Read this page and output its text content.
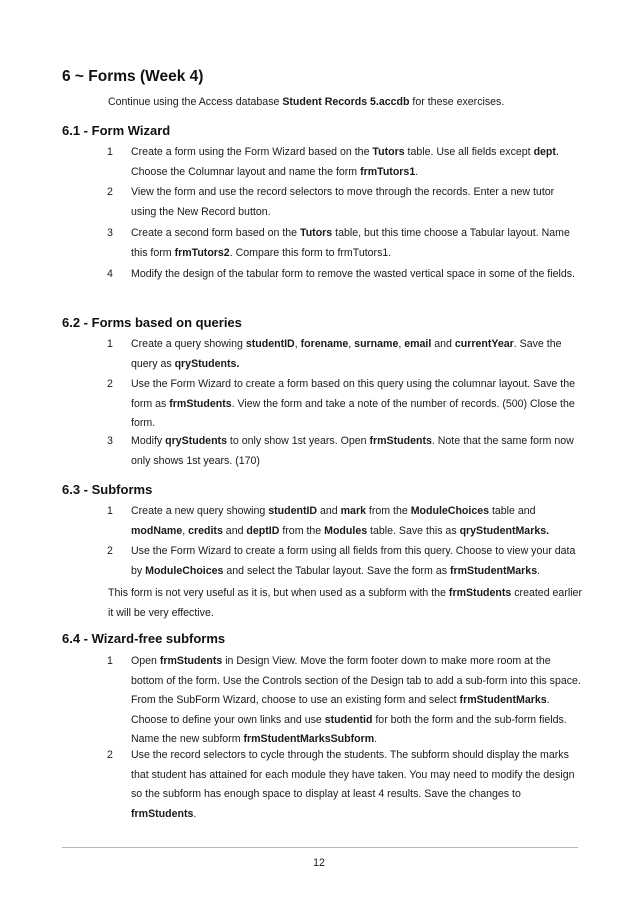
6 ~ Forms (Week 4)

Continue using the Access database Student Records 5.accdb for these exercises.

6.1 - Form Wizard
1	Create a form using the Form Wizard based on the Tutors table. Use all fields except dept. Choose the Columnar layout and name the form frmTutors1.
2	View the form and use the record selectors to move through the records. Enter a new tutor using the New Record button.
3	Create a second form based on the Tutors table, but this time choose a Tabular layout. Name this form frmTutors2. Compare this form to frmTutors1.
4	Modify the design of the tabular form to remove the wasted vertical space in some of the fields.
6.2 - Forms based on queries
1	Create a query showing studentID, forename, surname, email and currentYear. Save the query as qryStudents.
2	Use the Form Wizard to create a form based on this query using the columnar layout. Save the form as frmStudents. View the form and take a note of the number of records. (500) Close the form.
3	Modify qryStudents to only show 1st years. Open frmStudents. Note that the same form now only shows 1st years. (170)
6.3 - Subforms
1	Create a new query showing studentID and mark from the ModuleChoices table and modName, credits and deptID from the Modules table. Save this as qryStudentMarks.
2	Use the Form Wizard to create a form using all fields from this query. Choose to view your data by ModuleChoices and select the Tabular layout. Save the form as frmStudentMarks.
This form is not very useful as it is, but when used as a subform with the frmStudents created earlier it will be very effective.
6.4 - Wizard-free subforms
1	Open frmStudents in Design View. Move the form footer down to make more room at the bottom of the form. Use the Controls section of the Design tab to add a sub-form into this space. From the SubForm Wizard, choose to use an existing form and select frmStudentMarks. Choose to define your own links and use studentid for both the form and the sub-form fields. Name the new subform frmStudentMarksSubform.
2	Use the record selectors to cycle through the students. The subform should display the marks that student has attained for each module they have taken. You may need to modify the design so the subform has enough space to display at least 4 results. Save the changes to frmStudents.
12
